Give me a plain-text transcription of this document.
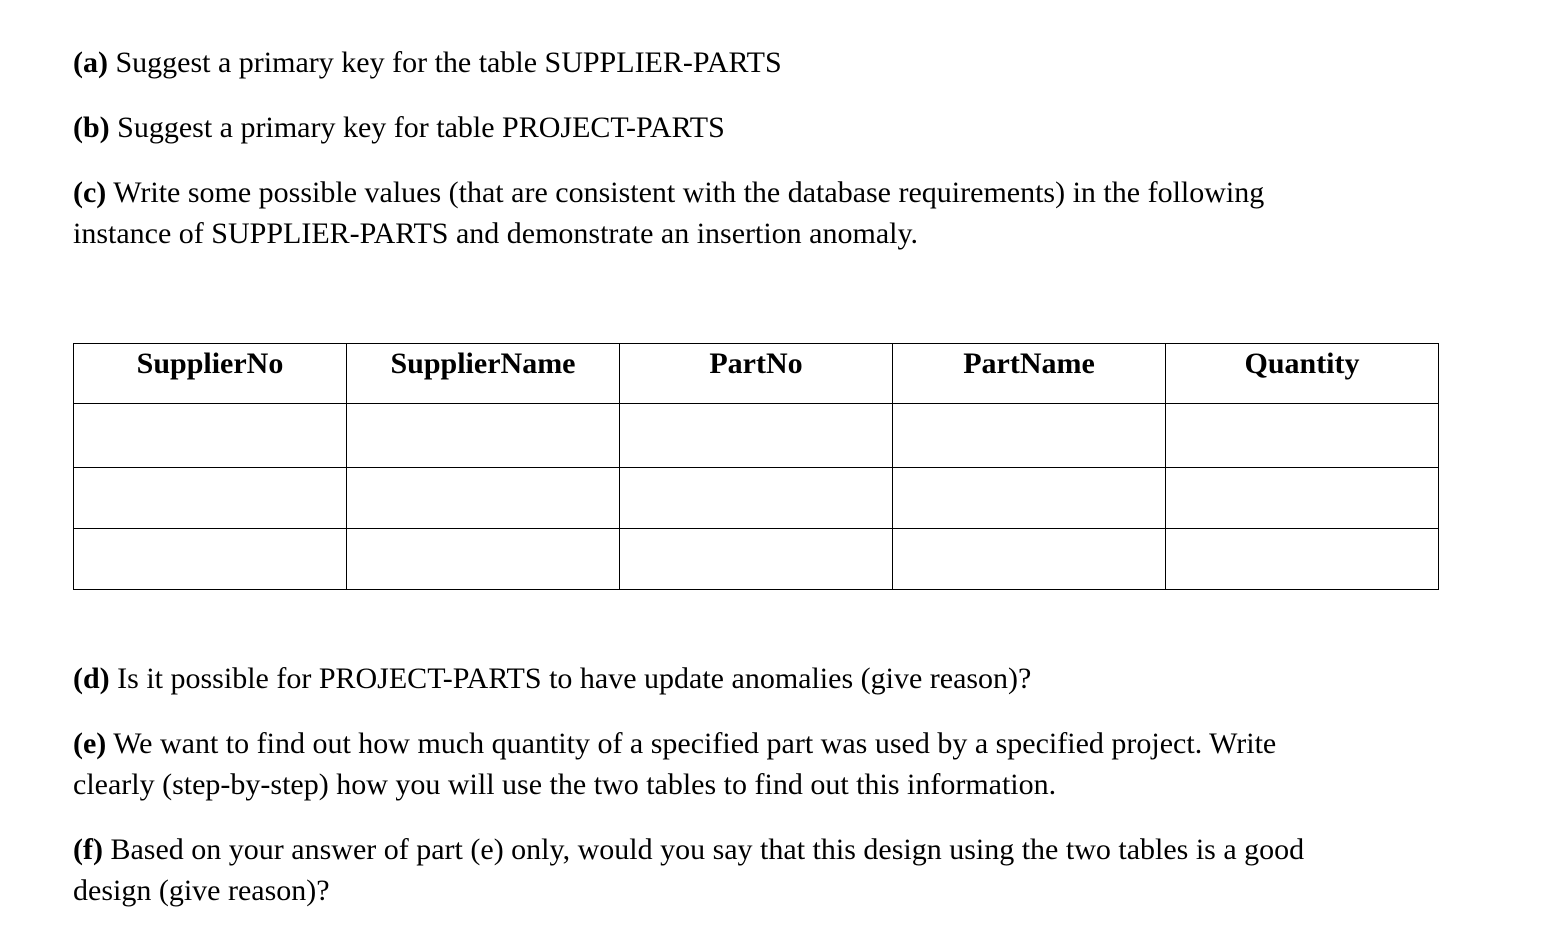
(a) Suggest a primary key for the table SUPPLIER-PARTS

(b) Suggest a primary key for table PROJECT-PARTS

(c) Write some possible values (that are consistent with the database requirements) in the following
instance of SUPPLIER-PARTS and demonstrate an insertion anomaly.

SupplierNo	SupplierName	PartNo	PartName	Quantity

(d) Is it possible for PROJECT-PARTS to have update anomalies (give reason)?

(e) We want to find out how much quantity of a specified part was used by a specified project. Write
clearly (step-by-step) how you will use the two tables to find out this information.

(f) Based on your answer of part (e) only, would you say that this design using the two tables is a good
design (give reason)?
